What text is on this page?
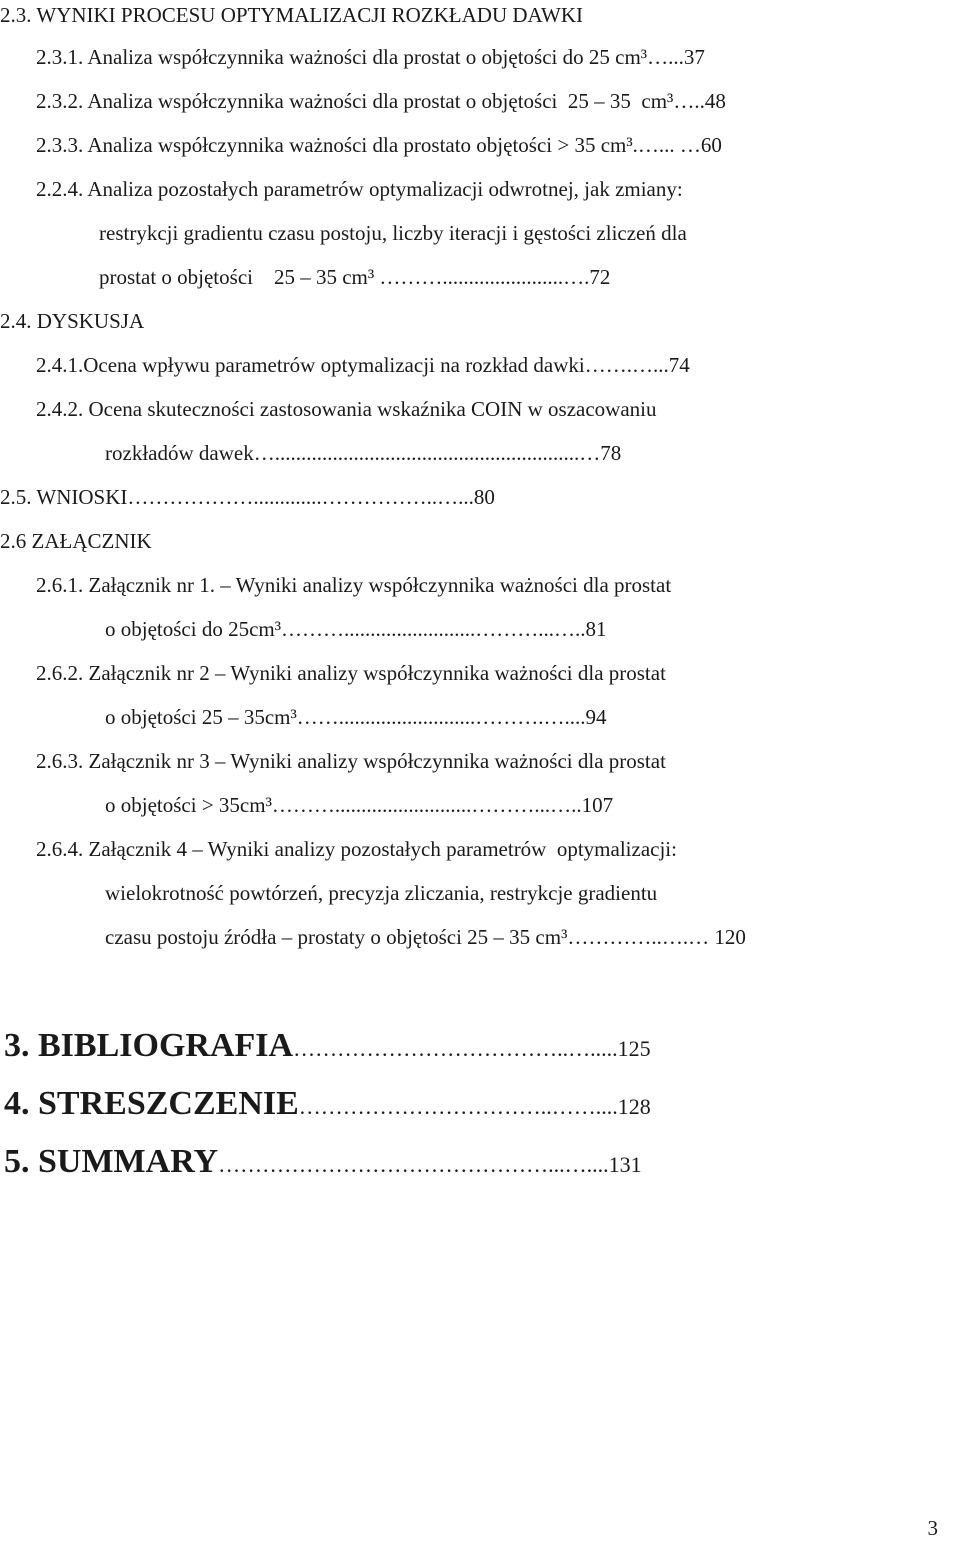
2.3. WYNIKI PROCESU OPTYMALIZACJI ROZKŁADU DAWKI
2.3.1. Analiza współczynnika ważności dla prostat o objętości do 25 cm³…...37
2.3.2. Analiza współczynnika ważności dla prostat o objętości  25 – 35  cm³…..48
2.3.3. Analiza współczynnika ważności dla prostato objętości > 35 cm³.…... …60
2.2.4. Analiza pozostałych parametrów optymalizacji odwrotnej, jak zmiany:
restrykcji gradientu czasu postoju, liczby iteracji i gęstości zliczeń dla
prostat o objętości    25 – 35 cm³ ……….......................….72
2.4. DYSKUSJA
2.4.1.Ocena wpływu parametrów optymalizacji na rozkład dawki…….…...74
2.4.2. Ocena skuteczności zastosowania wskaźnika COIN w oszacowaniu
rozkładów dawek…..........................................................…78
2.5. WNIOSKI……………….............……………..…...80
2.6 ZAŁĄCZNIK
2.6.1. Załącznik nr 1. – Wyniki analizy współczynnika ważności dla prostat
o objętości do 25cm³……….........................………...…..81
2.6.2. Załącznik nr 2 – Wyniki analizy współczynnika ważności dla prostat
o objętości 25 – 35cm³……..........................……….…....94
2.6.3. Załącznik nr 3 – Wyniki analizy współczynnika ważności dla prostat
o objętości > 35cm³………..........................………...…..107
2.6.4. Załącznik 4 – Wyniki analizy pozostałych parametrów  optymalizacji:
wielokrotność powtórzeń, precyzja zliczania, restrykcje gradientu
czasu postoju źródła – prostaty o objętości 25 – 35 cm³…………..….… 120
3. BIBLIOGRAFIA………………………………..….....125
4. STRESZCZENIE……………………………..……....128
5. SUMMARY………………………………………...…....131
3
